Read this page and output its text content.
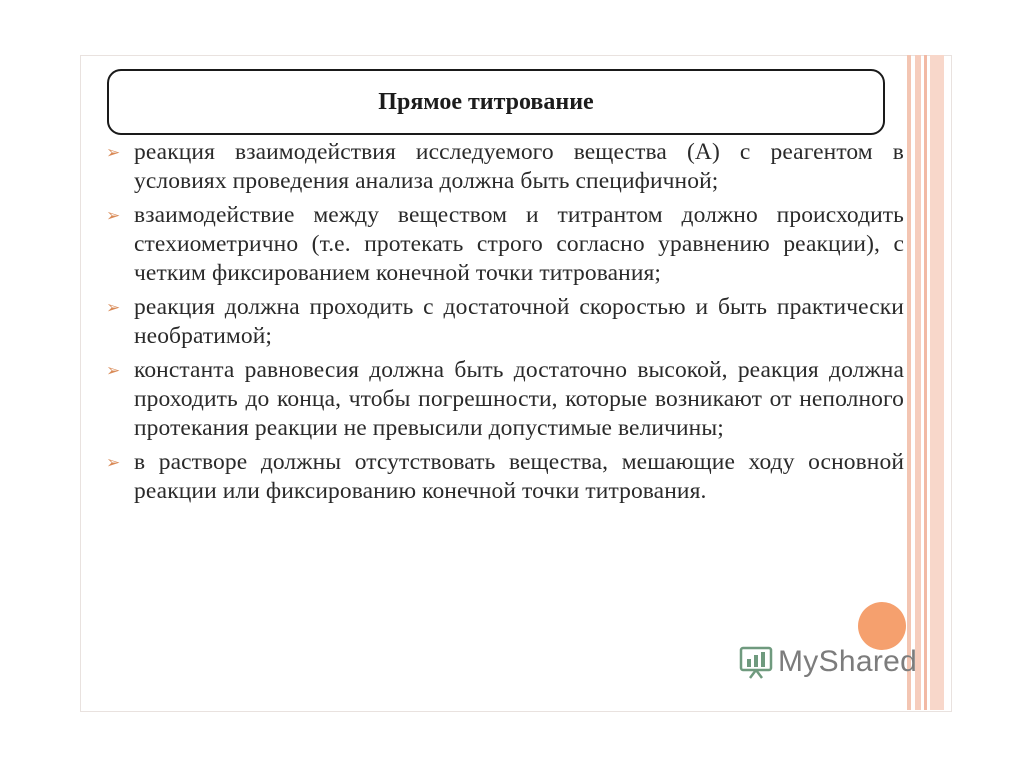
Прямое титрование
➢ реакция взаимодействия исследуемого вещества (А) с реагентом в условиях проведения анализа должна быть специфичной;
➢ взаимодействие между веществом и титрантом должно происходить стехиометрично (т.е. протекать строго согласно уравнению реакции), с четким фиксированием конечной точки титрования;
➢ реакция должна проходить с достаточной скоростью и быть практически необратимой;
➢ константа равновесия должна быть достаточно высокой, реакция должна проходить до конца, чтобы погрешности, которые возникают от неполного протекания реакции не превысили допустимые величины;
➢ в растворе должны отсутствовать вещества, мешающие ходу основной реакции или фиксированию конечной точки титрования.
MyShared
